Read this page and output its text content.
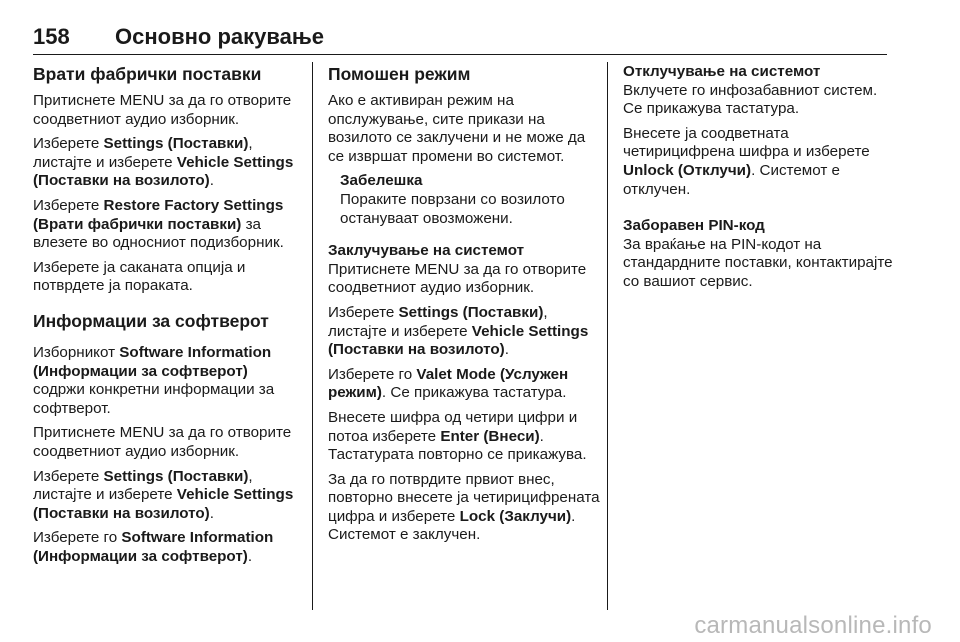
158 Основно ракување
Врати фабрички поставки

Притиснете MENU за да го отворите соодветниот аудио изборник.

Изберете Settings (Поставки), листајте и изберете Vehicle Settings (Поставки на возилото).

Изберете Restore Factory Settings (Врати фабрички поставки) за влезете во односниот подизборник.

Изберете ја саканата опција и потврдете ја пораката.

Информации за софтверот

Изборникот Software Information (Информации за софтверот) содржи конкретни информации за софтверот.

Притиснете MENU за да го отворите соодветниот аудио изборник.

Изберете Settings (Поставки), листајте и изберете Vehicle Settings (Поставки на возилото).

Изберете го Software Information (Информации за софтверот).

Помошен режим

Ако е активиран режим на опслужување, сите прикази на возилото се заклучени и не може да се извршат промени во системот.

Забелешка
Пораките поврзани со возилото остануваат овозможени.
Заклучување на системот

Притиснете MENU за да го отворите соодветниот аудио изборник.

Изберете Settings (Поставки), листајте и изберете Vehicle Settings (Поставки на возилото).

Изберете го Valet Mode (Услужен режим). Се прикажува тастатура.

Внесете шифра од четири цифри и потоа изберете Enter (Внеси). Тастатурата повторно се прикажува.

За да го потврдите првиот внес, повторно внесете ја четирицифрената цифра и изберете Lock (Заклучи). Системот е заклучен.

Отклучување на системот

Вклучете го инфозабавниот систем. Се прикажува тастатура.

Внесете ја соодветната четирицифрена шифра и изберете Unlock (Отклучи). Системот е отклучен.

Заборавен PIN-код

За враќање на PIN-кодот на стандардните поставки, контактирајте со вашиот сервис.

carmanualsonline.info
